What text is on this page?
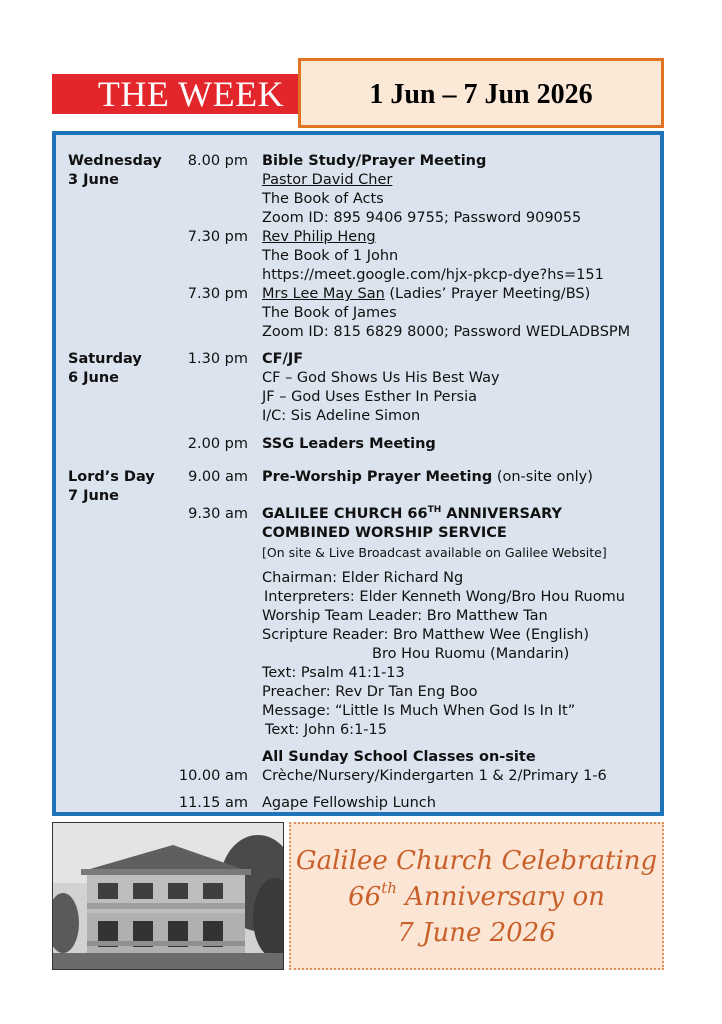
THE WEEK	1 Jun – 7 Jun 2026
Wednesday
3 June
8.00 pm Bible Study/Prayer Meeting
Pastor David Cher
The Book of Acts
Zoom ID: 895 9406 9755; Password 909055
7.30 pm Rev Philip Heng
The Book of 1 John
https://meet.google.com/hjx-pkcp-dye?hs=151
7.30 pm Mrs Lee May San (Ladies’ Prayer Meeting/BS)
The Book of James
Zoom ID: 815 6829 8000; Password WEDLADBSPM
Saturday
6 June
1.30 pm CF/JF
CF – God Shows Us His Best Way
JF – God Uses Esther In Persia
I/C: Sis Adeline Simon
2.00 pm SSG Leaders Meeting
Lord’s Day
7 June
9.00 am Pre-Worship Prayer Meeting (on-site only)
9.30 am GALILEE CHURCH 66TH ANNIVERSARY
COMBINED WORSHIP SERVICE
[On site & Live Broadcast available on Galilee Website]
Chairman: Elder Richard Ng
Interpreters: Elder Kenneth Wong/Bro Hou Ruomu
Worship Team Leader: Bro Matthew Tan
Scripture Reader: Bro Matthew Wee (English)
Bro Hou Ruomu (Mandarin)
Text: Psalm 41:1-13
Preacher: Rev Dr Tan Eng Boo
Message: “Little Is Much When God Is In It”
Text: John 6:1-15
All Sunday School Classes on-site
10.00 am Crèche/Nursery/Kindergarten 1 & 2/Primary 1-6
11.15 am Agape Fellowship Lunch
Galilee Church Celebrating
66th Anniversary on
7 June 2026
